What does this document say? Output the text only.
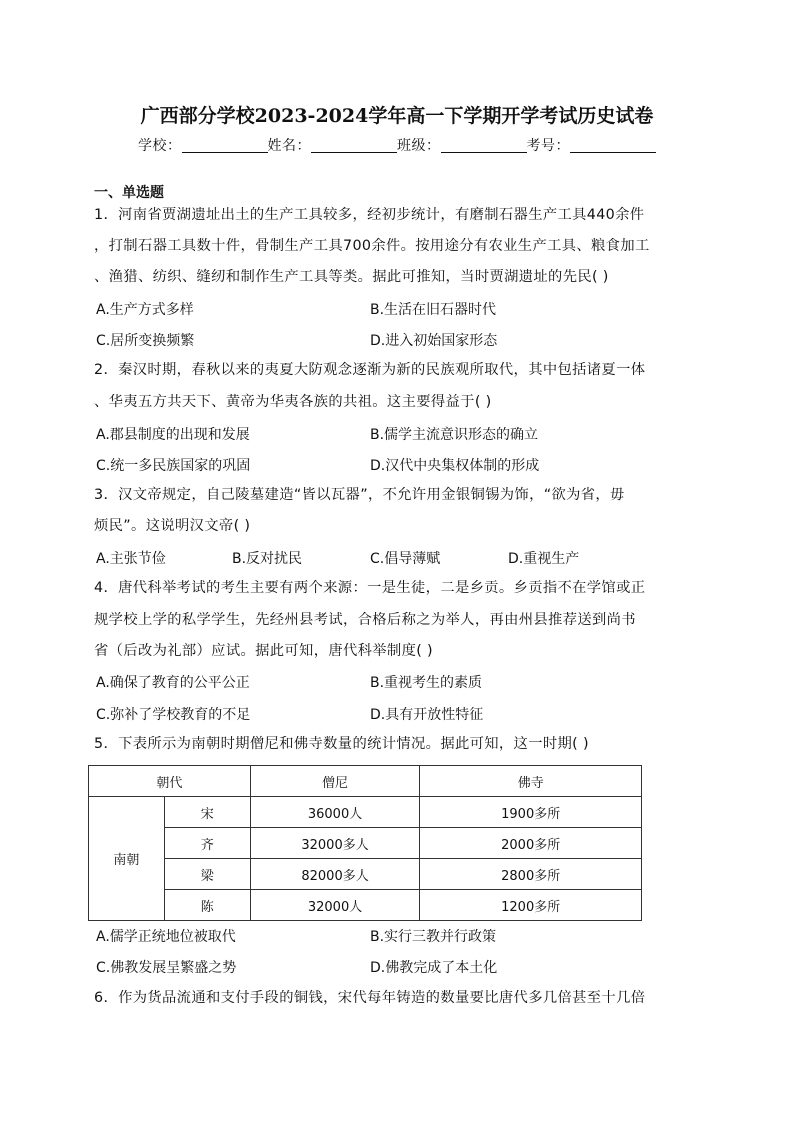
广西部分学校2023-2024学年高一下学期开学考试历史试卷
学校：	姓名：	班级：	考号：
一、单选题
1．河南省贾湖遗址出土的生产工具较多，经初步统计，有磨制石器生产工具440余件
，打制石器工具数十件，骨制生产工具700余件。按用途分有农业生产工具、粮食加工
、渔猎、纺织、缝纫和制作生产工具等类。据此可推知，当时贾湖遗址的先民( )
A.生产方式多样	B.生活在旧石器时代
C.居所变换频繁	D.进入初始国家形态
2．秦汉时期，春秋以来的夷夏大防观念逐渐为新的民族观所取代，其中包括诸夏一体
、华夷五方共天下、黄帝为华夷各族的共祖。这主要得益于( )
A.郡县制度的出现和发展	B.儒学主流意识形态的确立
C.统一多民族国家的巩固	D.汉代中央集权体制的形成
3．汉文帝规定，自己陵墓建造“皆以瓦器”，不允许用金银铜锡为饰，“欲为省，毋
烦民”。这说明汉文帝( )
A.主张节俭	B.反对扰民	C.倡导薄赋	D.重视生产
4．唐代科举考试的考生主要有两个来源：一是生徒，二是乡贡。乡贡指不在学馆或正
规学校上学的私学学生，先经州县考试，合格后称之为举人，再由州县推荐送到尚书
省（后改为礼部）应试。据此可知，唐代科举制度( )
A.确保了教育的公平公正	B.重视考生的素质
C.弥补了学校教育的不足	D.具有开放性特征
5．下表所示为南朝时期僧尼和佛寺数量的统计情况。据此可知，这一时期( )
朝代		僧尼	佛寺
南朝	宋	36000人	1900多所
	齐	32000多人	2000多所
	梁	82000多人	2800多所
	陈	32000人	1200多所
A.儒学正统地位被取代	B.实行三教并行政策
C.佛教发展呈繁盛之势	D.佛教完成了本土化
6．作为货品流通和支付手段的铜钱，宋代每年铸造的数量要比唐代多几倍甚至十几倍
